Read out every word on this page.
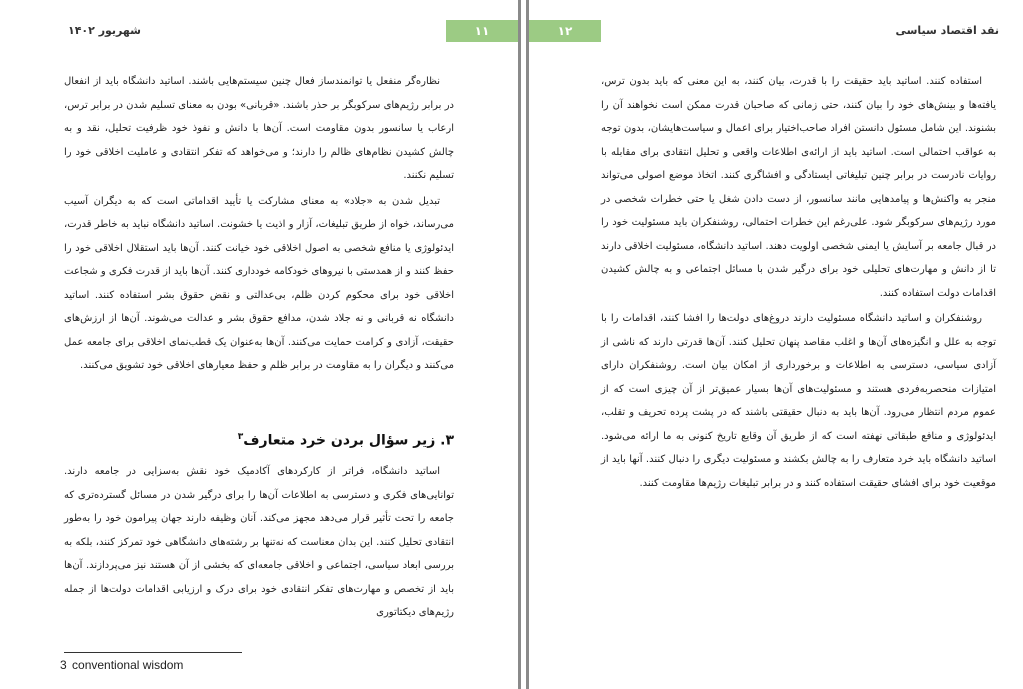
شهریور ۱۴۰۲	۱۱

نظاره‌گر منفعل یا توانمندساز فعال چنین سیستم‌هایی باشند. اساتید دانشگاه باید از انفعال در برابر رژیم‌های سرکوبگر بر حذر باشند. «قربانی» بودن به معنای تسلیم شدن در برابر ترس، ارعاب یا سانسور بدون مقاومت است. آن‌ها با دانش و نفوذ خود ظرفیت تحلیل، نقد و به چالش کشیدن نظام‌های ظالم را دارند؛ و می‌خواهد که تفکر انتقادی و عاملیت اخلاقی خود را تسلیم نکنند.

تبدیل شدن به «جلاد» به معنای مشارکت یا تأیید اقداماتی است که به دیگران آسیب می‌رساند، خواه از طریق تبلیغات، آزار و اذیت یا خشونت. اساتید دانشگاه نباید به خاطر قدرت، ایدئولوژی یا منافع شخصی به اصول اخلاقی خود خیانت کنند. آن‌ها باید استقلال اخلاقی خود را حفظ کنند و از همدستی با نیروهای خودکامه خودداری کنند. آن‌ها باید از قدرت فکری و شجاعت اخلاقی خود برای محکوم کردن ظلم، بی‌عدالتی و نقض حقوق بشر استفاده کنند. اساتید دانشگاه نه قربانی و نه جلاد شدن، مدافع حقوق بشر و عدالت می‌شوند. آن‌ها از ارزش‌های حقیقت، آزادی و کرامت حمایت می‌کنند. آن‌ها به‌عنوان یک قطب‌نمای اخلاقی برای جامعه عمل می‌کنند و دیگران را به مقاومت در برابر ظلم و حفظ معیارهای اخلاقی خود تشویق می‌کنند.

۳. زیر سؤال بردن خرد متعارف$^۳$

اساتید دانشگاه، فراتر از کارکردهای آکادمیک خود نقش به‌سزایی در جامعه دارند. توانایی‌های فکری و دسترسی به اطلاعات آن‌ها را برای درگیر شدن در مسائل گسترده‌تری که جامعه را تحت تأثیر قرار می‌دهد مجهز می‌کند. آنان وظیفه دارند جهان پیرامون خود را به‌طور انتقادی تحلیل کنند. این بدان معناست که نه‌تنها بر رشته‌های دانشگاهی خود تمرکز کنند، بلکه به بررسی ابعاد سیاسی، اجتماعی و اخلاقی جامعه‌ای که بخشی از آن هستند نیز می‌پردازند. آن‌ها باید از تخصص و مهارت‌های تفکر انتقادی خود برای درک و ارزیابی اقدامات دولت‌ها از جمله رژیم‌های دیکتاتوری

3 conventional wisdom
۱۲	نقد اقتصاد سیاسی

استفاده کنند. اساتید باید حقیقت را با قدرت، بیان کنند، به این معنی که باید بدون ترس، یافته‌ها و بینش‌های خود را بیان کنند، حتی زمانی که صاحبان قدرت ممکن است نخواهند آن را بشنوند. این شامل مسئول دانستن افراد صاحب‌اختیار برای اعمال و سیاست‌هایشان، بدون توجه به عواقب احتمالی است. اساتید باید از ارائه‌ی اطلاعات واقعی و تحلیل انتقادی برای مقابله با روایات نادرست در برابر چنین تبلیغاتی ایستادگی و افشاگری کنند. اتخاذ موضع اصولی می‌تواند منجر به واکنش‌ها و پیامدهایی مانند سانسور، از دست دادن شغل یا حتی خطرات شخصی در مورد رژیم‌های سرکوبگر شود. علی‌رغم این خطرات احتمالی، روشنفکران باید مسئولیت خود را در قبال جامعه بر آسایش یا ایمنی شخصی اولویت دهند. اساتید دانشگاه، مسئولیت اخلاقی دارند تا از دانش و مهارت‌های تحلیلی خود برای درگیر شدن با مسائل اجتماعی و به چالش کشیدن اقدامات دولت استفاده کنند.

روشنفکران و اساتید دانشگاه مسئولیت دارند دروغ‌های دولت‌ها را افشا کنند، اقدامات را با توجه به علل و انگیزه‌های آن‌ها و اغلب مقاصد پنهان تحلیل کنند. آن‌ها قدرتی دارند که ناشی از آزادی سیاسی، دسترسی به اطلاعات و برخورداری از امکان بیان است. روشنفکران دارای امتیازات منحصربه‌فردی هستند و مسئولیت‌های آن‌ها بسیار عمیق‌تر از آن چیزی است که از عموم مردم انتظار می‌رود. آن‌ها باید به دنبال حقیقتی باشند که در پشت پرده تحریف و تقلب، ایدئولوژی و منافع طبقاتی نهفته است که از طریق آن وقایع تاریخ کنونی به ما ارائه می‌شود. اساتید دانشگاه باید خرد متعارف را به چالش بکشند و مسئولیت دیگری را دنبال کنند. آنها باید از موقعیت خود برای افشای حقیقت استفاده کنند و در برابر تبلیغات رژیم‌ها مقاومت کنند.
